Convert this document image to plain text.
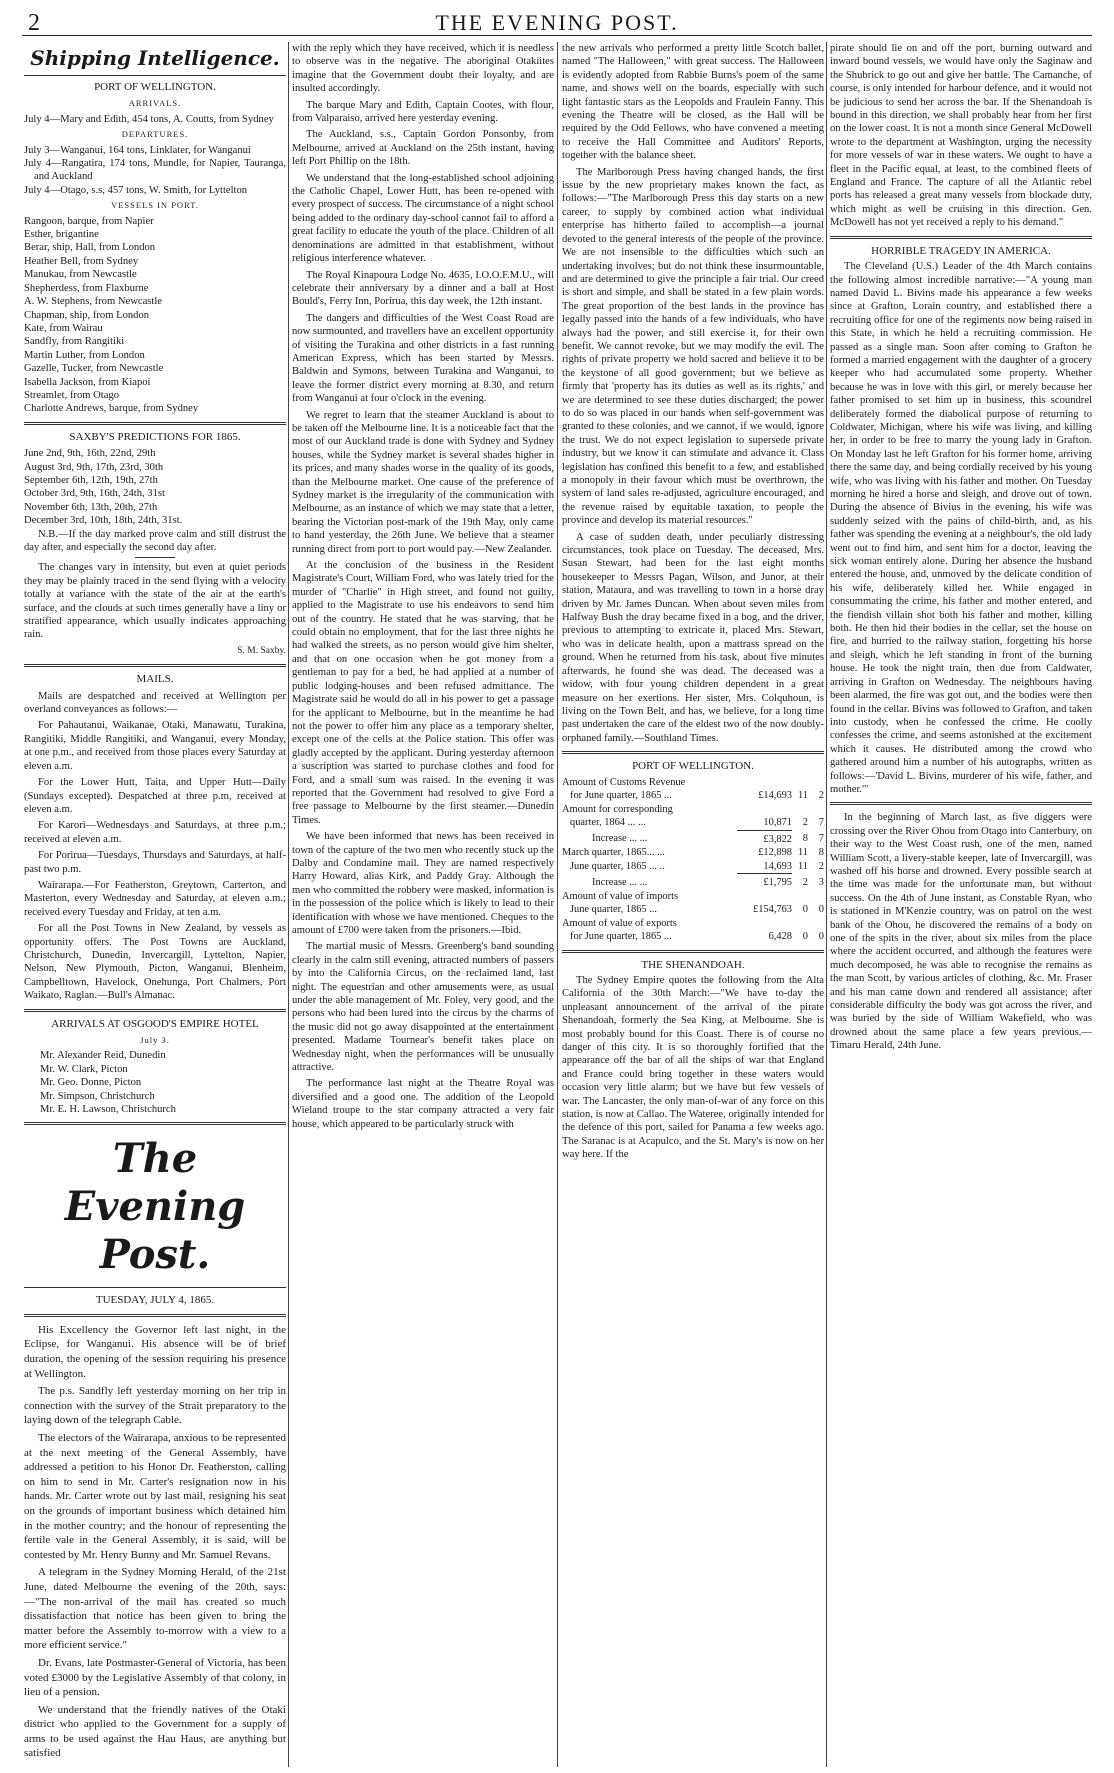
2	THE EVENING POST.
Shipping Intelligence.
PORT OF WELLINGTON.
ARRIVALS.

July 4—Mary and Edith, 454 tons, A. Coutts, from Sydney

DEPARTURES.

July 3—Wanganui, 164 tons, Linklater, for Wanganui

July 4—Rangatira, 174 tons, Mundle, for Napier, Tauranga, and Auckland

July 4—Otago, s.s, 457 tons, W. Smith, for Lyttelton

VESSELS IN PORT.

Rangoon, barque, from Napier

Esther, brigantine

Berar, ship, Hall, from London

Heather Bell, from Sydney

Manukau, from Newcastle

Shepherdess, from Flaxburne

A. W. Stephens, from Newcastle

Chapman, ship, from London

Kate, from Wairau

Sandfly, from Rangitiki

Martin Luther, from London

Gazelle, Tucker, from Newcastle

Isabella Jackson, from Kiapoi

Streamlet, from Otago

Charlotte Andrews, barque, from Sydney

SAXBY'S PREDICTIONS FOR 1865.

June 2nd, 9th, 16th, 22nd, 29th

August 3rd, 9th, 17th, 23rd, 30th

September 6th, 12th, 19th, 27th

October 3rd, 9th, 16th, 24th, 31st

November 6th, 13th, 20th, 27th

December 3rd, 10th, 18th, 24th, 31st.

N.B.—If the day marked prove calm and still distrust the day after, and especially the second day after.

The changes vary in intensity, but even at quiet periods they may be plainly traced in the send flying with a velocity totally at variance with the state of the air at the earth's surface, and the clouds at such times generally have a liny or stratified appearance, which usually indicates approaching rain.

S. M. Saxby.
MAILS.

Mails are despatched and received at Wellington per overland conveyances as follows:—

For Pahautanui, Waikanae, Otaki, Manawatu, Turakina, Rangitiki, Middle Rangitiki, and Wanganui, every Monday, at one p.m., and received from those places every Saturday at eleven a.m.

For the Lower Hutt, Taita, and Upper Hutt—Daily (Sundays excepted). Despatched at three p.m, received at eleven a.m.

For Karori—Wednesdays and Saturdays, at three p.m.; received at eleven a.m.

For Porirua—Tuesdays, Thursdays and Saturdays, at half-past two p.m.

Wairarapa.—For Featherston, Greytown, Carterton, and Masterton, every Wednesday and Saturday, at eleven a.m.; received every Tuesday and Friday, at ten a.m.

For all the Post Towns in New Zealand, by vessels as opportunity offers. The Post Towns are Auckland, Christchurch, Dunedin, Invercargill, Lyttelton, Napier, Nelson, New Plymouth, Picton, Wanganui, Blenheim, Campbelltown, Havelock, Onehunga, Port Chalmers, Port Waikato, Raglan.—Bull's Almanac.

ARRIVALS AT OSGOOD'S EMPIRE HOTEL
July 3.

Mr. Alexander Reid, Dunedin

Mr. W. Clark, Picton

Mr. Geo. Donne, Picton

Mr. Simpson, Christchurch

Mr. E. H. Lawson, Christchurch

The Evening Post.
TUESDAY, JULY 4, 1865.

His Excellency the Governor left last night, in the Eclipse, for Wanganui. His absence will be of brief duration, the opening of the session requiring his presence at Wellington.

The p.s. Sandfly left yesterday morning on her trip in connection with the survey of the Strait preparatory to the laying down of the telegraph Cable.

The electors of the Wairarapa, anxious to be represented at the next meeting of the General Assembly, have addressed a petition to his Honor Dr. Featherston, calling on him to send in Mr. Carter's resignation now in his hands. Mr. Carter wrote out by last mail, resigning his seat on the grounds of important business which detained him in the mother country; and the honour of representing the fertile vale in the General Assembly, it is said, will be contested by Mr. Henry Bunny and Mr. Samuel Revans.

A telegram in the Sydney Morning Herald, of the 21st June, dated Melbourne the evening of the 20th, says:—"The non-arrival of the mail has created so much dissatisfaction that notice has been given to bring the matter before the Assembly to-morrow with a view to a more efficient service."

Dr. Evans, late Postmaster-General of Victoria, has been voted £3000 by the Legislative Assembly of that colony, in lieu of a pension.

We understand that the friendly natives of the Otaki district who applied to the Government for a supply of arms to be used against the Hau Haus, are anything but satisfied

with the reply which they have received, which it is needless to observe was in the negative. The aboriginal Otakiites imagine that the Government doubt their loyalty, and are insulted accordingly.

The barque Mary and Edith, Captain Cootes, with flour, from Valparaiso, arrived here yesterday evening.

The Auckland, s.s., Captain Gordon Ponsonby, from Melbourne, arrived at Auckland on the 25th instant, having left Port Phillip on the 18th.

We understand that the long-established school adjoining the Catholic Chapel, Lower Hutt, has been re-opened with every prospect of success. The circumstance of a night school being added to the ordinary day-school cannot fail to afford a great facility to educate the youth of the place. Children of all denominations are admitted in that establishment, without religious interference whatever.

The Royal Kinapoura Lodge No. 4635, I.O.O.F.M.U., will celebrate their anniversary by a dinner and a ball at Host Bould's, Ferry Inn, Porirua, this day week, the 12th instant.

The dangers and difficulties of the West Coast Road are now surmounted, and travellers have an excellent opportunity of visiting the Turakina and other districts in a fast running American Express, which has been started by Messrs. Baldwin and Symons, between Turakina and Wanganui, to leave the former district every morning at 8.30, and return from Wanganui at four o'clock in the evening.

We regret to learn that the steamer Auckland is about to be taken off the Melbourne line. It is a noticeable fact that the most of our Auckland trade is done with Sydney and Sydney houses, while the Sydney market is several shades higher in its prices, and many shades worse in the quality of its goods, than the Melbourne market. One cause of the preference of Sydney market is the irregularity of the communication with Melbourne, as an instance of which we may state that a letter, bearing the Victorian post-mark of the 19th May, only came to hand yesterday, the 26th June. We believe that a steamer running direct from port to port would pay.—New Zealander.

At the conclusion of the business in the Resident Magistrate's Court, William Ford, who was lately tried for the murder of "Charlie" in High street, and found not guilty, applied to the Magistrate to use his endeavors to send him out of the country. He stated that he was starving, that he could obtain no employment, that for the last three nights he had walked the streets, as no person would give him shelter, and that on one occasion when he got money from a gentleman to pay for a bed, he had applied at a number of public lodging-houses and been refused admittance. The Magistrate said he would do all in his power to get a passage for the applicant to Melbourne, but in the meantime he had not the power to offer him any place as a temporary shelter, except one of the cells at the Police station. This offer was gladly accepted by the applicant. During yesterday afternoon a suscription was started to purchase clothes and food for Ford, and a small sum was raised. In the evening it was reported that the Government had resolved to give Ford a free passage to Melbourne by the first steamer.—Dunedin Times.

We have been informed that news has been received in town of the capture of the two men who recently stuck up the Dalby and Condamine mail. They are named respectively Harry Howard, alias Kirk, and Paddy Gray. Although the men who committed the robbery were masked, information is in the possession of the police which is likely to lead to their identification with whose we have mentioned. Cheques to the amount of £700 were taken from the prisoners.—Ibid.

The martial music of Messrs. Greenberg's band sounding clearly in the calm still evening, attracted numbers of passers by into the California Circus, on the reclaimed land, last night. The equestrian and other amusements were, as usual under the able management of Mr. Foley, very good, and the persons who had been lured into the circus by the charms of the music did not go away disappointed at the entertainment presented. Madame Tournear's benefit takes place on Wednesday night, when the performances will be unusually attractive.

The performance last night at the Theatre Royal was diversified and a good one. The addition of the Leopold Wieland troupe to the star company attracted a very fair house, which appeared to be particularly struck with

the new arrivals who performed a pretty little Scotch ballet, named "The Halloween," with great success. The Halloween is evidently adopted from Rabbie Burns's poem of the same name, and shows well on the boards, especially with such light fantastic stars as the Leopolds and Fraulein Fanny. This evening the Theatre will be closed, as the Hall will be required by the Odd Fellows, who have convened a meeting to receive the Hall Committee and Auditors' Reports, together with the balance sheet.

The Marlborough Press having changed hands, the first issue by the new proprietary makes known the fact, as follows:—"The Marlborough Press this day starts on a new career, to supply by combined action what individual enterprise has hitherto failed to accomplish—a journal devoted to the general interests of the people of the province. We are not insensible to the difficulties which such an undertaking involves; but do not think these insurmountable, and are determined to give the principle a fair trial. Our creed is short and simple, and shall be stated in a few plain words. The great proportion of the best lands in the province has legally passed into the hands of a few individuals, who have always had the power, and still exercise it, for their own benefit. We cannot revoke, but we may modify the evil. The rights of private property we hold sacred and believe it to be the keystone of all good government; but we believe as firmly that 'property has its duties as well as its rights,' and we are determined to see these duties discharged; the power to do so was placed in our hands when self-government was granted to these colonies, and we cannot, if we would, ignore the trust. We do not expect legislation to supersede private industry, but we know it can stimulate and advance it. Class legislation has confined this benefit to a few, and established a monopoly in their favour which must be overthrown, the system of land sales re-adjusted, agriculture encouraged, and the revenue raised by equitable taxation, to people the province and develop its material resources."

A case of sudden death, under peculiarly distressing circumstances, took place on Tuesday. The deceased, Mrs. Susan Stewart, had been for the last eight months housekeeper to Messrs Pagan, Wilson, and Junor, at their station, Mataura, and was travelling to town in a horse dray driven by Mr. James Duncan. When about seven miles from Halfway Bush the dray became fixed in a bog, and the driver, previous to attempting to extricate it, placed Mrs. Stewart, who was in delicate health, upon a mattrass spread on the ground. When he returned from his task, about five minutes afterwards, he found she was dead. The deceased was a widow, with four young children dependent in a great measure on her exertions. Her sister, Mrs. Colquhoun, is living on the Town Belt, and has, we believe, for a long time past undertaken the care of the eldest two of the now doubly-orphaned family.—Southland Times.

PORT OF WELLINGTON.
Amount of Customs Revenue			
for June quarter, 1865 ...	£14,693	11	2
Amount for corresponding			
quarter, 1864 ... ...	10,871	2	7
Increase ... ...	£3,822	8	7
March quarter, 1865... ...	£12,898	11	8
June quarter, 1865 ... ..	14,693	11	2
Increase ... ...	£1,795	2	3
Amount of value of imports			
June quarter, 1865 ...	£154,763	0	0
Amount of value of exports			
for June quarter, 1865 ...	6,428	0	0
THE SHENANDOAH.

The Sydney Empire quotes the following from the Alta California of the 30th March:—"We have to-day the unpleasant announcement of the arrival of the pirate Shenandoah, formerly the Sea King, at Melbourne. She is most probably bound for this Coast. There is of course no danger of this city. It is so thoroughly fortified that the appearance off the bar of all the ships of war that England and France could bring together in these waters would occasion very little alarm; but we have but few vessels of war. The Lancaster, the only man-of-war of any force on this station, is now at Callao. The Wateree, originally intended for the defence of this port, sailed for Panama a few weeks ago. The Saranac is at Acapulco, and the St. Mary's is now on her way here. If the

pirate should lie on and off the port, burning outward and inward bound vessels, we would have only the Saginaw and the Shubrick to go out and give her battle. The Camanche, of course, is only intended for harbour defence, and it would not be judicious to send her across the bar. If the Shenandoah is bound in this direction, we shall probably hear from her first on the lower coast. It is not a month since General McDowell wrote to the department at Washington, urging the necessity for more vessels of war in these waters. We ought to have a fleet in the Pacific equal, at least, to the combined fleets of England and France. The capture of all the Atlantic rebel ports has released a great many vessels from blockade duty, which might as well be cruising in this direction. Gen. McDowell has not yet received a reply to his demand."

HORRIBLE TRAGEDY IN AMERICA.

The Cleveland (U.S.) Leader of the 4th March contains the following almost incredible narrative:—"A young man named David L. Bivins made his appearance a few weeks since at Grafton, Lorain country, and established there a recruiting office for one of the regiments now being raised in this State, in which he held a recruiting commission. He passed as a single man. Soon after coming to Grafton he formed a married engagement with the daughter of a grocery keeper who had accumulated some property. Whether because he was in love with this girl, or merely because her father promised to set him up in business, this scoundrel deliberately formed the diabolical purpose of returning to Coldwater, Michigan, where his wife was living, and killing her, in order to be free to marry the young lady in Grafton. On Monday last he left Grafton for his former home, arriving there the same day, and being cordially received by his young wife, who was living with his father and mother. On Tuesday morning he hired a horse and sleigh, and drove out of town. During the absence of Bivius in the evening, his wife was suddenly seized with the pains of child-birth, and, as his father was spending the evening at a neighbour's, the old lady went out to find him, and sent him for a doctor, leaving the sick woman entirely alone. During her absence the husband entered the house, and, unmoved by the delicate condition of his wife, deliberately killed her. While engaged in consummating the crime, his father and mother entered, and the fiendish villain shot both his father and mother, killing both. He then hid their bodies in the cellar, set the house on fire, and hurried to the railway station, forgetting his horse and sleigh, which he left standing in front of the burning house. He took the night train, then due from Caldwater, arriving in Grafton on Wednesday. The neighbours having been alarmed, the fire was got out, and the bodies were then found in the cellar. Bivins was followed to Grafton, and taken into custody, when he confessed the crime. He coolly confesses the crime, and seems astonished at the excitement which it causes. He distributed among the crowd who gathered around him a number of his autographs, written as follows:—'David L. Bivins, murderer of his wife, father, and mother.'"

In the beginning of March last, as five diggers were crossing over the River Ohou from Otago into Canterbury, on their way to the West Coast rush, one of the men, named William Scott, a livery-stable keeper, late of Invercargill, was washed off his horse and drowned. Every possible search at the time was made for the unfortunate man, but without success. On the 4th of June instant, as Constable Ryan, who is stationed in M'Kenzie country, was on patrol on the west bank of the Ohou, he discovered the remains of a body on one of the spits in the river, about six miles from the place where the accident occurred, and although the features were much decomposed, he was able to recognise the remains as the man Scott, by various articles of clothing, &c. Mr. Fraser and his man came down and rendered all assistance; after considerable difficulty the body was got across the river, and was buried by the side of William Wakefield, who was drowned about the same place a few years previous.—Timaru Herald, 24th June.
